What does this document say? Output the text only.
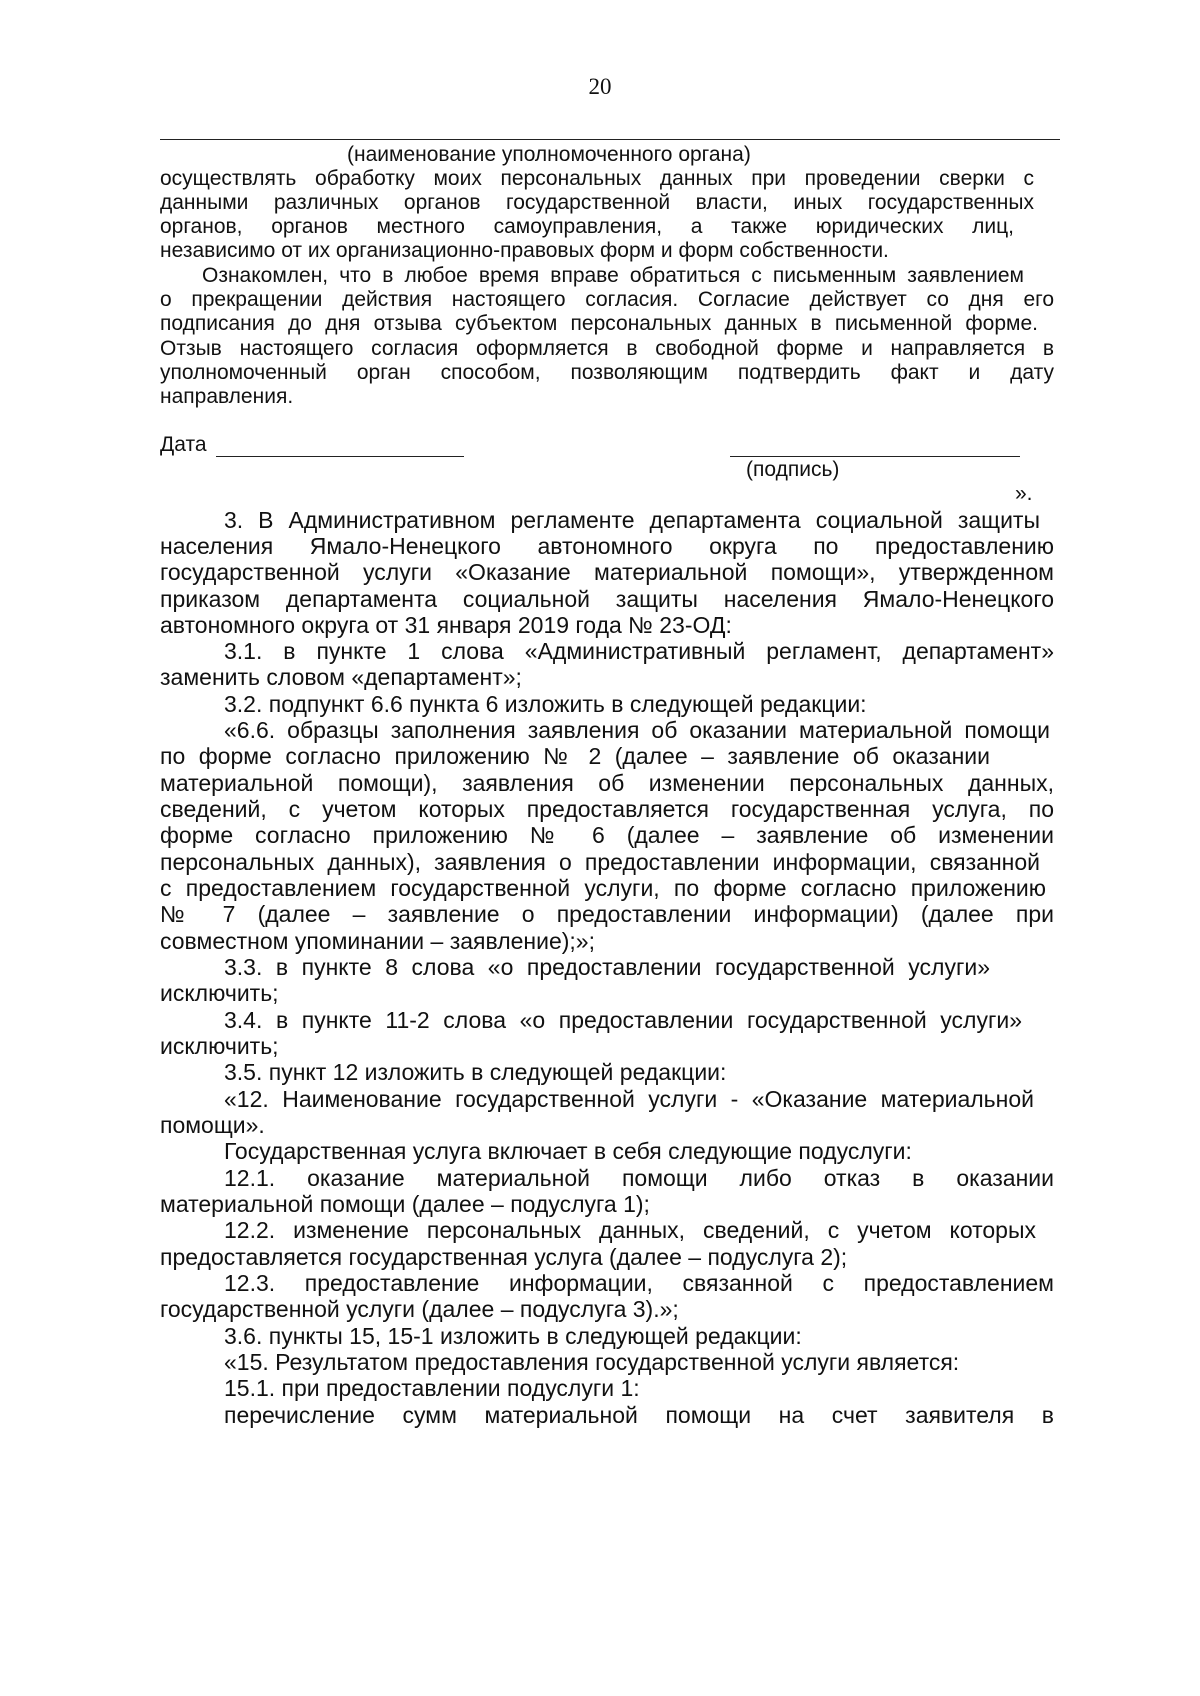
20
(наименование уполномоченного органа)
осуществлять обработку моих персональных данных при проведении сверки с
данными различных органов государственной власти, иных государственных
органов, органов местного самоуправления, а также юридических лиц,
независимо от их организационно-правовых форм и форм собственности.
Ознакомлен, что в любое время вправе обратиться с письменным заявлением
о прекращении действия настоящего согласия. Согласие действует со дня его
подписания до дня отзыва субъектом персональных данных в письменной форме.
Отзыв настоящего согласия оформляется в свободной форме и направляется в
уполномоченный орган способом, позволяющим подтвердить факт и дату
направления.
Дата
(подпись)
».
3. В Административном регламенте департамента социальной защиты
населения Ямало-Ненецкого автономного округа по предоставлению
государственной услуги «Оказание материальной помощи», утвержденном
приказом департамента социальной защиты населения Ямало-Ненецкого
автономного округа от 31 января 2019 года № 23-ОД:
3.1. в пункте 1 слова «Административный регламент, департамент»
заменить словом «департамент»;
3.2. подпункт 6.6 пункта 6 изложить в следующей редакции:
«6.6. образцы заполнения заявления об оказании материальной помощи
по форме согласно приложению № 2 (далее – заявление об оказании
материальной помощи), заявления об изменении персональных данных,
сведений, с учетом которых предоставляется государственная услуга, по
форме согласно приложению № 6 (далее – заявление об изменении
персональных данных), заявления о предоставлении информации, связанной
с предоставлением государственной услуги, по форме согласно приложению
№ 7 (далее – заявление о предоставлении информации) (далее при
совместном упоминании – заявление);»;
3.3. в пункте 8 слова «о предоставлении государственной услуги»
исключить;
3.4. в пункте 11-2 слова «о предоставлении государственной услуги»
исключить;
3.5. пункт 12 изложить в следующей редакции:
«12. Наименование государственной услуги - «Оказание материальной
помощи».
Государственная услуга включает в себя следующие подуслуги:
12.1. оказание материальной помощи либо отказ в оказании
материальной помощи (далее – подуслуга 1);
12.2. изменение персональных данных, сведений, с учетом которых
предоставляется государственная услуга (далее – подуслуга 2);
12.3. предоставление информации, связанной с предоставлением
государственной услуги (далее – подуслуга 3).»;
3.6. пункты 15, 15-1 изложить в следующей редакции:
«15. Результатом предоставления государственной услуги является:
15.1. при предоставлении подуслуги 1:
перечисление сумм материальной помощи на счет заявителя в
